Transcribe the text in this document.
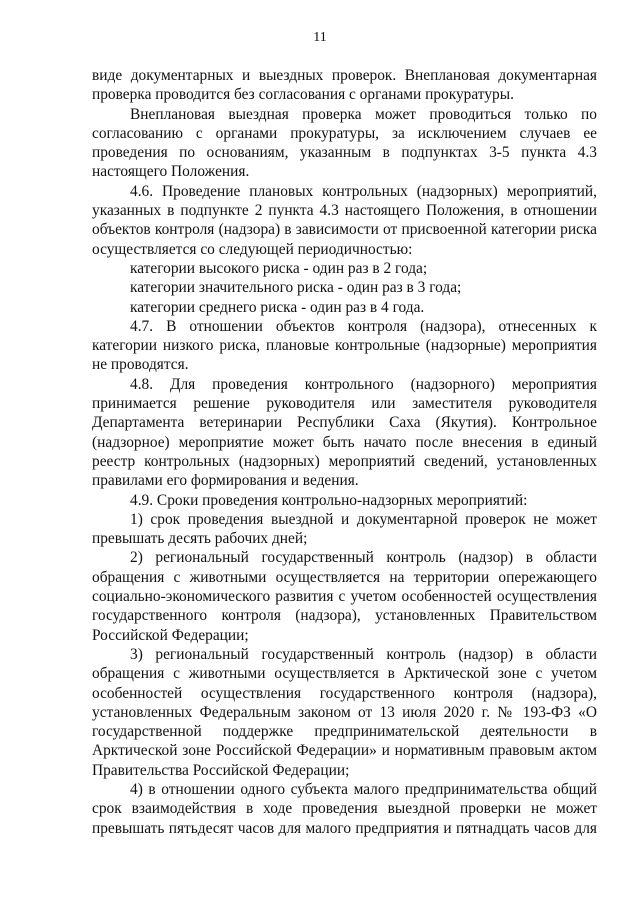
11

виде документарных и выездных проверок. Внеплановая документарная проверка проводится без согласования с органами прокуратуры.

Внеплановая выездная проверка может проводиться только по согласованию с органами прокуратуры, за исключением случаев ее проведения по основаниям, указанным в подпунктах 3-5 пункта 4.3 настоящего Положения.

4.6. Проведение плановых контрольных (надзорных) мероприятий, указанных в подпункте 2 пункта 4.3 настоящего Положения, в отношении объектов контроля (надзора) в зависимости от присвоенной категории риска осуществляется со следующей периодичностью:

категории высокого риска - один раз в 2 года;

категории значительного риска - один раз в 3 года;

категории среднего риска - один раз в 4 года.

4.7. В отношении объектов контроля (надзора), отнесенных к категории низкого риска, плановые контрольные (надзорные) мероприятия не проводятся.

4.8. Для проведения контрольного (надзорного) мероприятия принимается решение руководителя или заместителя руководителя Департамента ветеринарии Республики Саха (Якутия). Контрольное (надзорное) мероприятие может быть начато после внесения в единый реестр контрольных (надзорных) мероприятий сведений, установленных правилами его формирования и ведения.

4.9. Сроки проведения контрольно-надзорных мероприятий:

1) срок проведения выездной и документарной проверок не может превышать десять рабочих дней;

2) региональный государственный контроль (надзор) в области обращения с животными осуществляется на территории опережающего социально-экономического развития с учетом особенностей осуществления государственного контроля (надзора), установленных Правительством Российской Федерации;

3) региональный государственный контроль (надзор) в области обращения с животными осуществляется в Арктической зоне с учетом особенностей осуществления государственного контроля (надзора), установленных Федеральным законом от 13 июля 2020 г. № 193-ФЗ «О государственной поддержке предпринимательской деятельности в Арктической зоне Российской Федерации» и нормативным правовым актом Правительства Российской Федерации;

4) в отношении одного субъекта малого предпринимательства общий срок взаимодействия в ходе проведения выездной проверки не может превышать пятьдесят часов для малого предприятия и пятнадцать часов для
